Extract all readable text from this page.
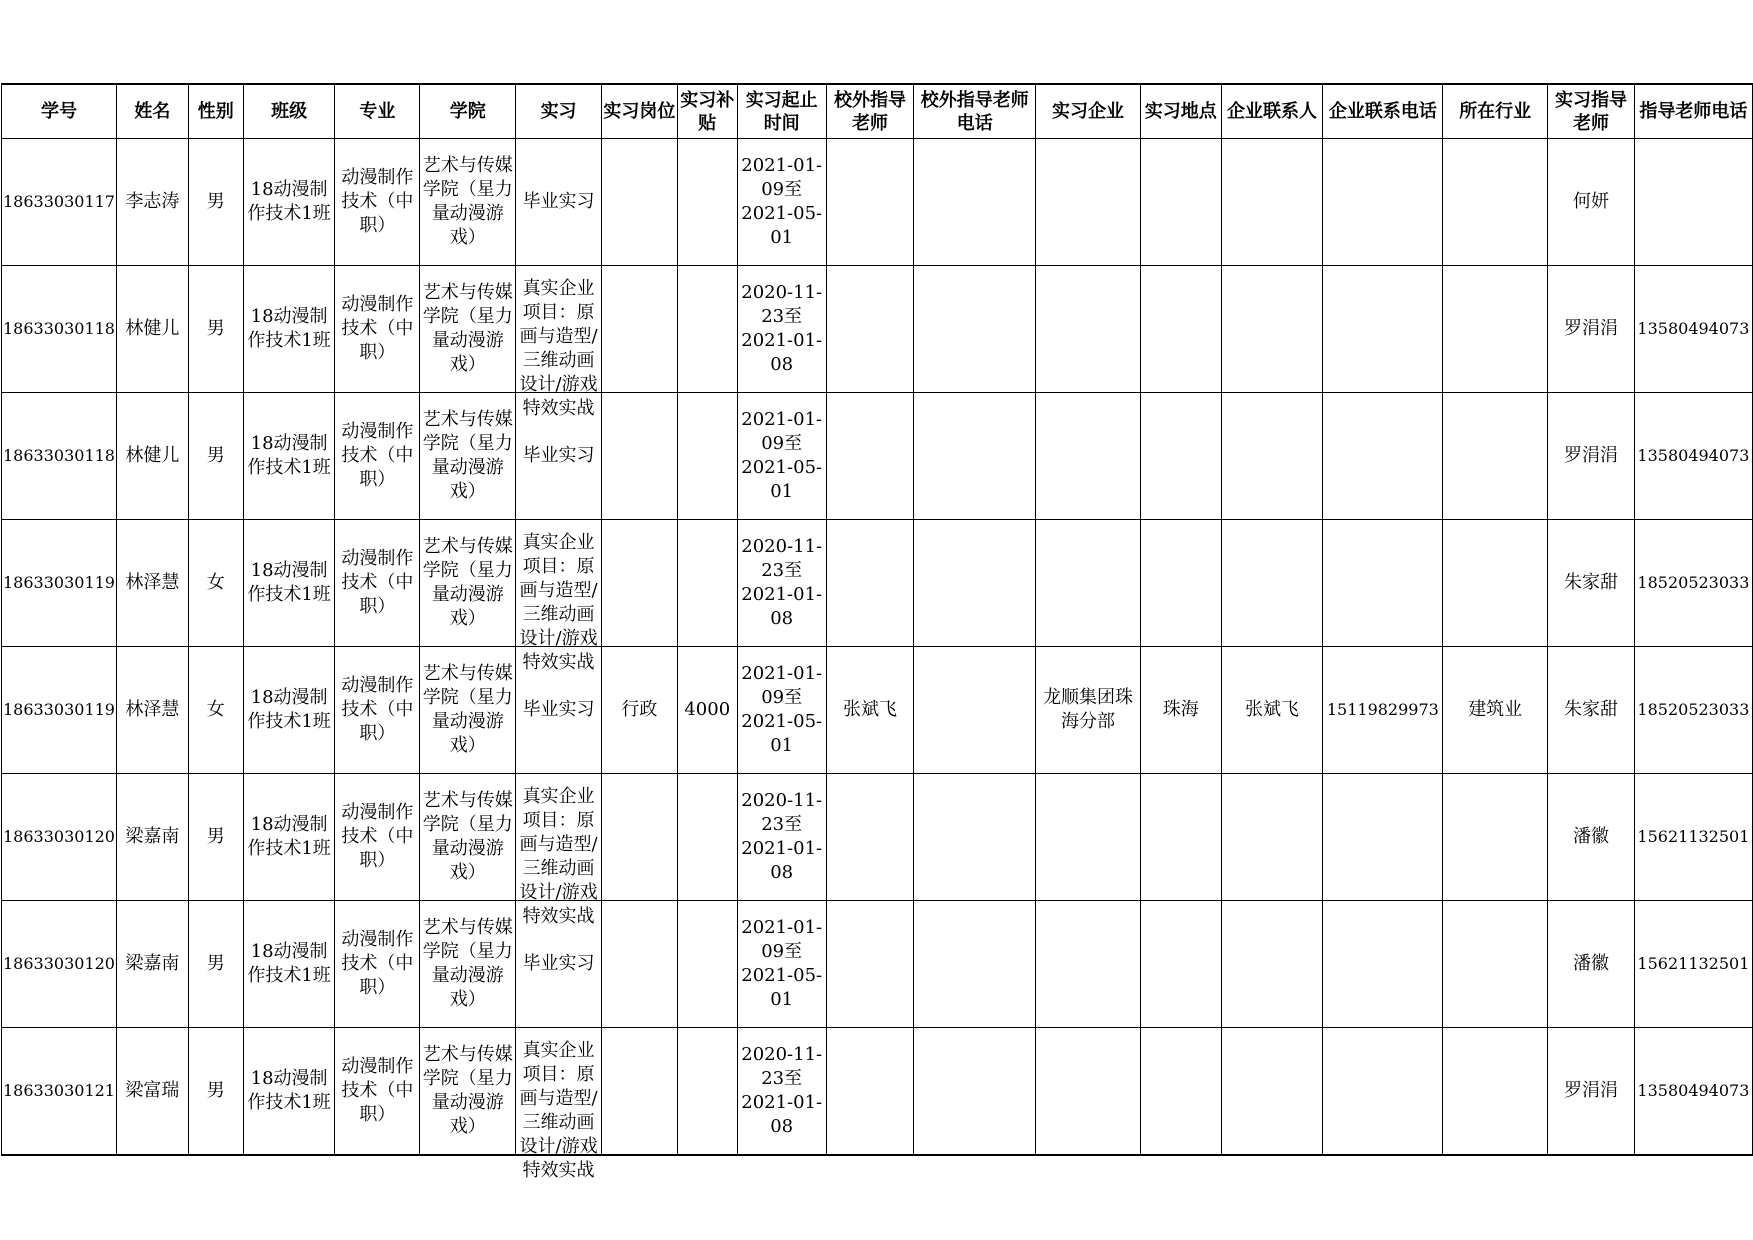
学号	姓名	性别	班级	专业	学院	实习	实习岗位	实习补贴	实习起止时间	校外指导老师	校外指导老师电话	实习企业	实习地点	企业联系人	企业联系电话	所在行业	实习指导老师	指导老师电话

18633030117	李志涛	男	18动漫制作技术1班	动漫制作技术（中职）	艺术与传媒学院（星力量动漫游戏）	毕业实习			2021-01-09至2021-05-01								何妍	

18633030118	林健儿	男	18动漫制作技术1班	动漫制作技术（中职）	艺术与传媒学院（星力量动漫游戏）	真实企业项目：原画与造型/三维动画设计/游戏特效实战			2020-11-23至2021-01-08								罗涓涓	13580494073

18633030118	林健儿	男	18动漫制作技术1班	动漫制作技术（中职）	艺术与传媒学院（星力量动漫游戏）	毕业实习			2021-01-09至2021-05-01								罗涓涓	13580494073

18633030119	林泽慧	女	18动漫制作技术1班	动漫制作技术（中职）	艺术与传媒学院（星力量动漫游戏）	真实企业项目：原画与造型/三维动画设计/游戏特效实战			2020-11-23至2021-01-08								朱家甜	18520523033

18633030119	林泽慧	女	18动漫制作技术1班	动漫制作技术（中职）	艺术与传媒学院（星力量动漫游戏）	毕业实习	行政	4000	2021-01-09至2021-05-01	张斌飞		龙顺集团珠海分部	珠海	张斌飞	15119829973	建筑业	朱家甜	18520523033

18633030120	梁嘉南	男	18动漫制作技术1班	动漫制作技术（中职）	艺术与传媒学院（星力量动漫游戏）	真实企业项目：原画与造型/三维动画设计/游戏特效实战			2020-11-23至2021-01-08								潘徽	15621132501

18633030120	梁嘉南	男	18动漫制作技术1班	动漫制作技术（中职）	艺术与传媒学院（星力量动漫游戏）	毕业实习			2021-01-09至2021-05-01								潘徽	15621132501

18633030121	梁富瑞	男	18动漫制作技术1班	动漫制作技术（中职）	艺术与传媒学院（星力量动漫游戏）	真实企业项目：原画与造型/三维动画设计/游戏特效实战			2020-11-23至2021-01-08								罗涓涓	13580494073
